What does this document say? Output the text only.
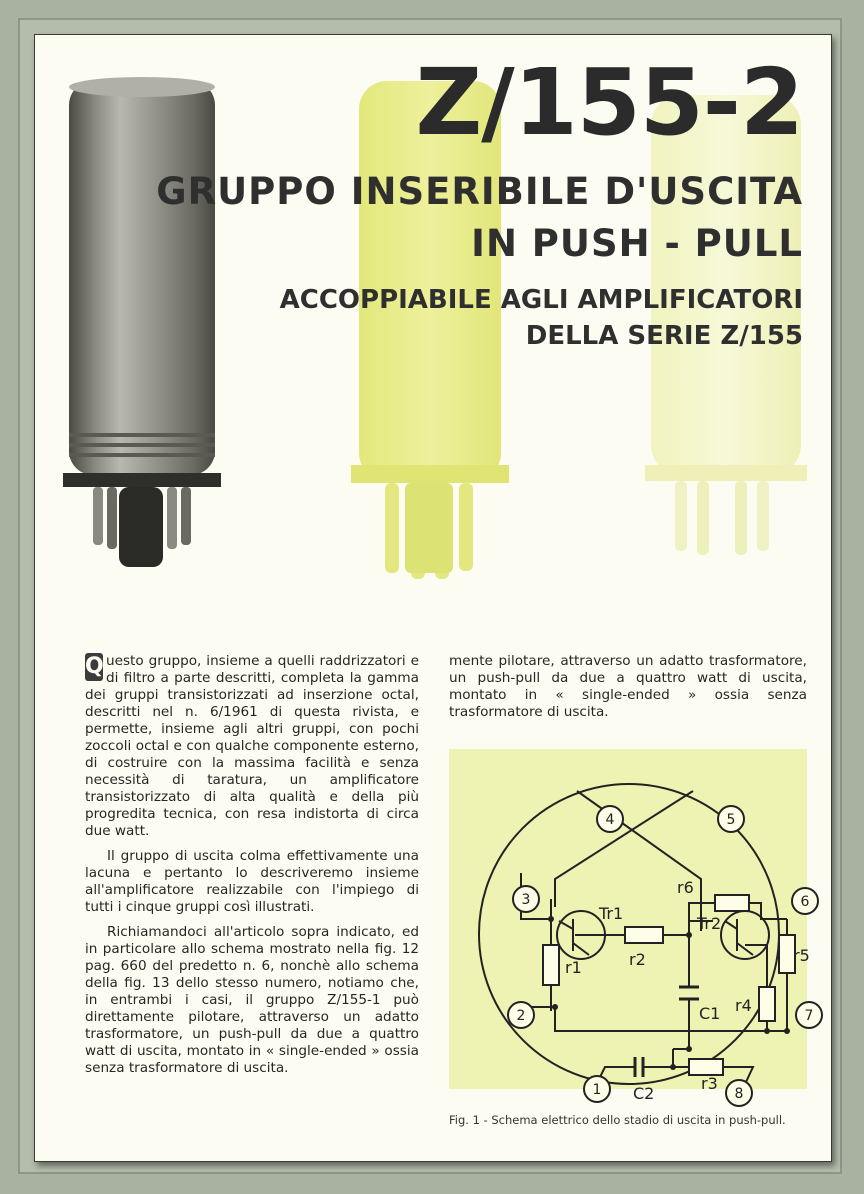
Z/155-2
GRUPPO INSERIBILE D'USCITA
IN PUSH - PULL
ACCOPPIABILE AGLI AMPLIFICATORI
DELLA SERIE Z/155

Q uesto gruppo, insieme a quelli raddrizzatori e di filtro a parte descritti, completa la gamma dei gruppi transistorizzati ad inserzione octal, descritti nel n. 6/1961 di questa rivista, e permette, insieme agli altri gruppi, con pochi zoccoli octal e con qualche componente esterno, di costruire con la massima facilità e senza necessità di taratura, un amplificatore transistorizzato di alta qualità e della più progredita tecnica, con resa indistorta di circa due watt.

Il gruppo di uscita colma effettivamente una lacuna e pertanto lo descriveremo insieme all'amplificatore realizzabile con l'impiego di tutti i cinque gruppi così illustrati.

Richiamandoci all'articolo sopra indicato, ed in particolare allo schema mostrato nella fig. 12 pag. 660 del predetto n. 6, nonchè allo schema della fig. 13 dello stesso numero, notiamo che, in entrambi i casi, il gruppo Z/155-1 può direttamente pilotare, attraverso un adatto trasformatore, un push-pull da due a quattro watt di uscita, montato in « single-ended » ossia senza trasformatore di uscita.

mente pilotare, attraverso un adatto trasformatore, un push-pull da due a quattro watt di uscita, montato in « single-ended » ossia senza trasformatore di uscita.

1
2
3
4	5
6
7
8
Tr1
Tr2
r1	r2
r3
r4
r5
r6
C1
C2
Fig. 1 - Schema elettrico dello stadio di uscita in push-pull.
